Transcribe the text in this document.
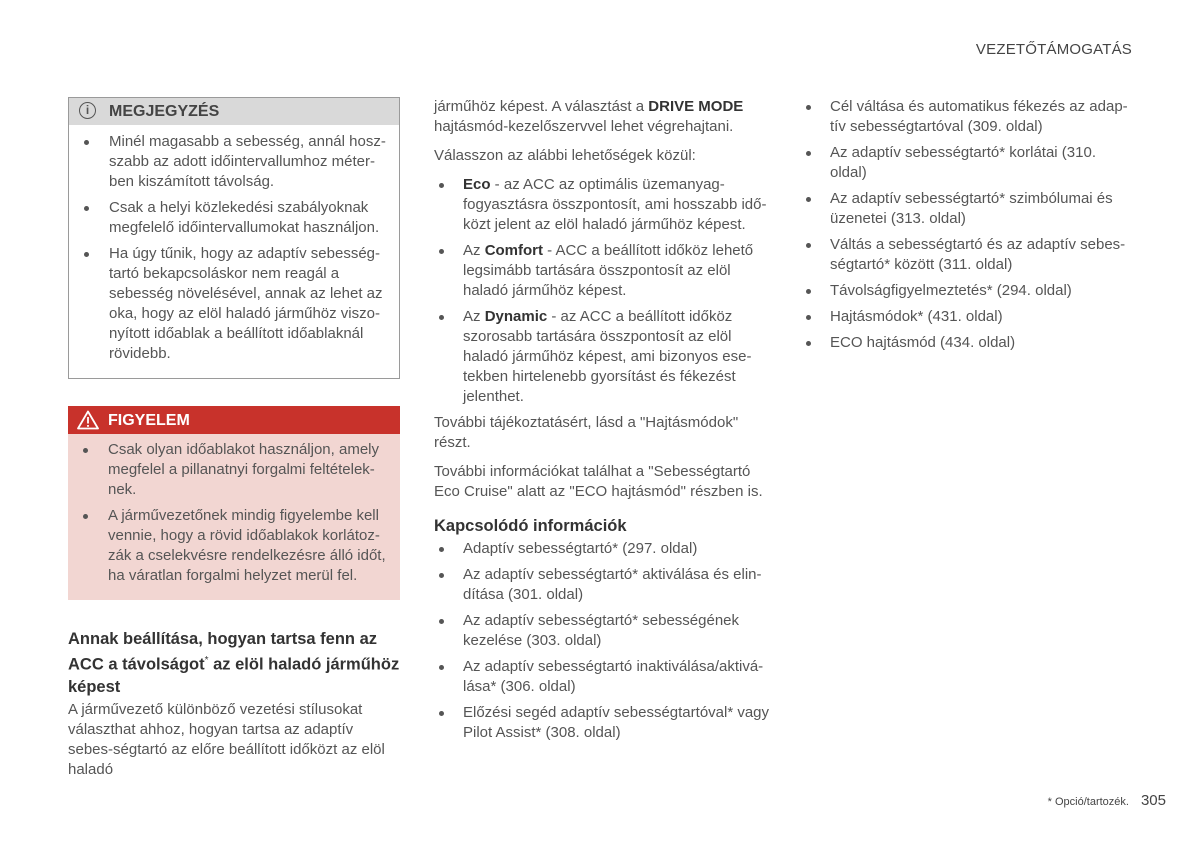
VEZETŐTÁMOGATÁS
i	MEGJEGYZÉS
Minél magasabb a sebesség, annál hosz-szabb az adott időintervallumhoz méter-ben kiszámított távolság.
Csak a helyi közlekedési szabályoknak megfelelő időintervallumokat használjon.
Ha úgy tűnik, hogy az adaptív sebesség-tartó bekapcsoláskor nem reagál a sebesség növelésével, annak az lehet az oka, hogy az elöl haladó járműhöz viszo-nyított időablak a beállított időablaknál rövidebb.
FIGYELEM
Csak olyan időablakot használjon, amely megfelel a pillanatnyi forgalmi feltételek-nek.
A járművezetőnek mindig figyelembe kell vennie, hogy a rövid időablakok korlátoz-zák a cselekvésre rendelkezésre álló időt, ha váratlan forgalmi helyzet merül fel.
Annak beállítása, hogyan tartsa fenn az ACC a távolságot* az elöl haladó járműhöz képest

A járművezető különböző vezetési stílusokat választhat ahhoz, hogyan tartsa az adaptív sebes-ségtartó az előre beállított időközt az elöl haladó

járműhöz képest. A választást a DRIVE MODE hajtásmód-kezelőszervvel lehet végrehajtani.

Válasszon az alábbi lehetőségek közül:

Eco - az ACC az optimális üzemanyag-fogyasztásra összpontosít, ami hosszabb idő-közt jelent az elöl haladó járműhöz képest.
Az Comfort - ACC a beállított időköz lehető legsimább tartására összpontosít az elöl haladó járműhöz képest.
Az Dynamic - az ACC a beállított időköz szorosabb tartására összpontosít az elöl haladó járműhöz képest, ami bizonyos ese-tekben hirtelenebb gyorsítást és fékezést jelenthet.

További tájékoztatásért, lásd a "Hajtásmódok" részt.

További információkat találhat a "Sebességtartó Eco Cruise" alatt az "ECO hajtásmód" részben is.

Kapcsolódó információk
Adaptív sebességtartó* (297. oldal)
Az adaptív sebességtartó* aktiválása és elin-dítása (301. oldal)
Az adaptív sebességtartó* sebességének kezelése (303. oldal)
Az adaptív sebességtartó inaktiválása/aktivá-lása* (306. oldal)
Előzési segéd adaptív sebességtartóval* vagy Pilot Assist* (308. oldal)
Cél váltása és automatikus fékezés az adap-tív sebességtartóval (309. oldal)
Az adaptív sebességtartó* korlátai (310. oldal)
Az adaptív sebességtartó* szimbólumai és üzenetei (313. oldal)
Váltás a sebességtartó és az adaptív sebes-ségtartó* között (311. oldal)
Távolságfigyelmeztetés* (294. oldal)
Hajtásmódok* (431. oldal)
ECO hajtásmód (434. oldal)
* Opció/tartozék. 305
